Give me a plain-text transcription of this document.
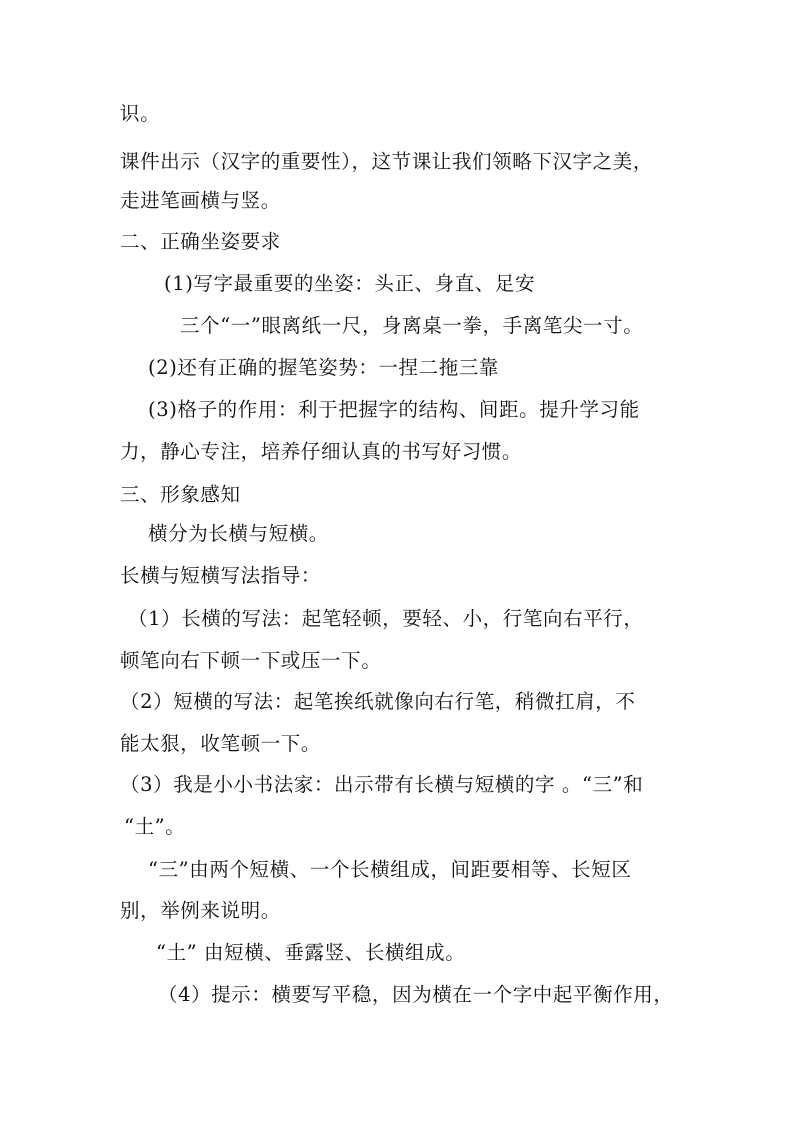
识。
课件出示（汉字的重要性），这节课让我们领略下汉字之美，
走进笔画横与竖。
二、正确坐姿要求
(1)写字最重要的坐姿：头正、身直、足安
三个“一”眼离纸一尺，身离桌一拳，手离笔尖一寸。
(2)还有正确的握笔姿势：一捏二拖三靠
(3)格子的作用：利于把握字的结构、间距。提升学习能
力，静心专注，培养仔细认真的书写好习惯。
三、形象感知
横分为长横与短横。
长横与短横写法指导：
（1）长横的写法：起笔轻顿，要轻、小，行笔向右平行，
顿笔向右下顿一下或压一下。
（2）短横的写法：起笔挨纸就像向右行笔，稍微扛肩，不
能太狠，收笔顿一下。
（3）我是小小书法家：出示带有长横与短横的字 。“三”和
“土”。
“三”由两个短横、一个长横组成，间距要相等、长短区
别，举例来说明。
“土” 由短横、垂露竖、长横组成。
（4）提示：横要写平稳，因为横在一个字中起平衡作用，
